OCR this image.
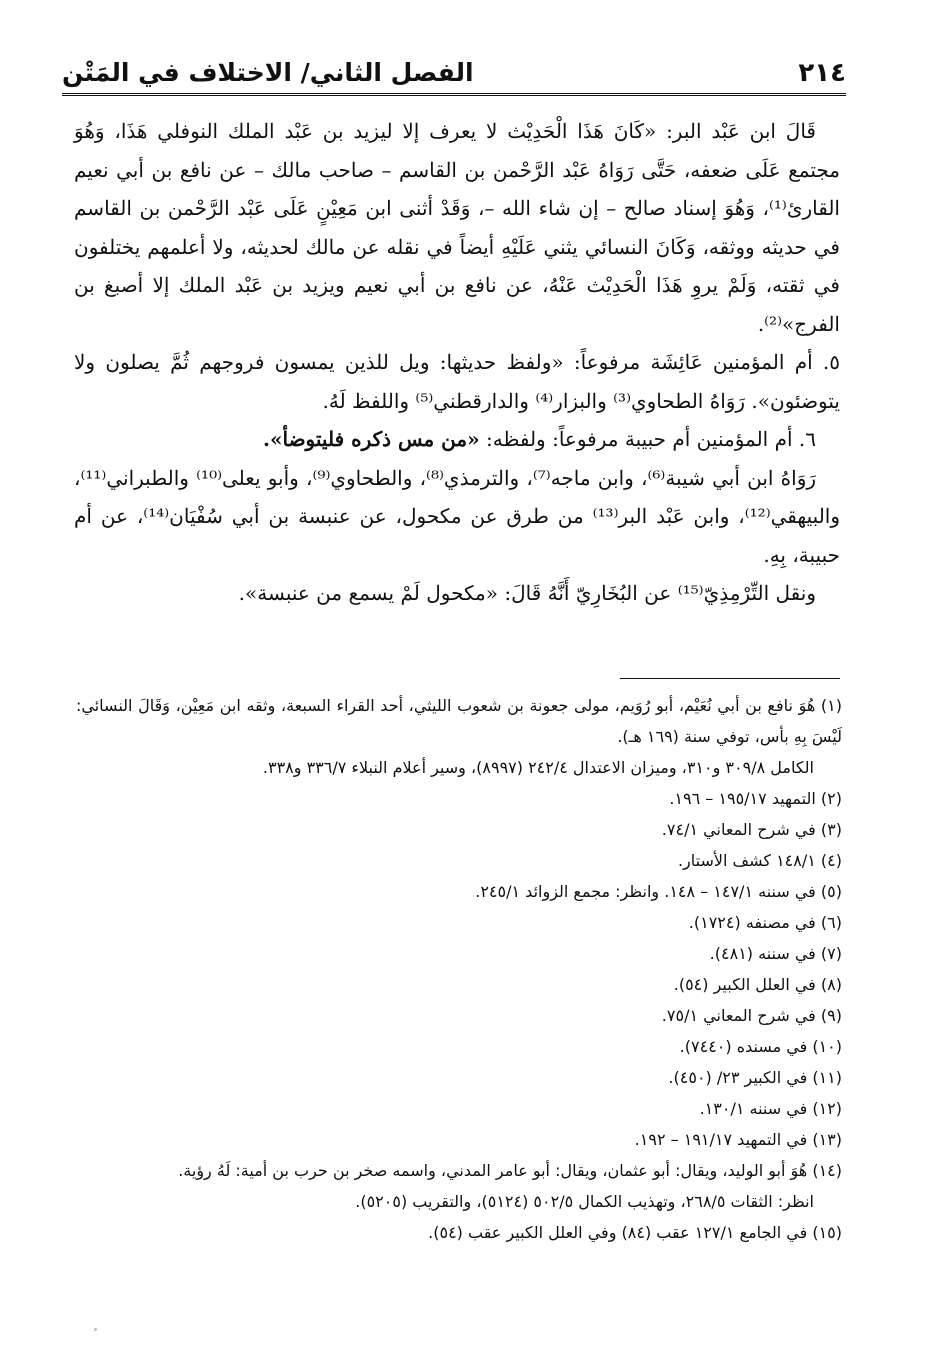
٢١٤
الفصل الثاني/ الاختلاف في المَتْن

قَالَ ابن عَبْد البر: «كَانَ هَذَا الْحَدِيْث لا يعرف إلا ليزيد بن عَبْد الملك النوفلي هَذَا، وَهُوَ مجتمع عَلَى ضعفه، حَتَّى رَوَاهُ عَبْد الرَّحْمن بن القاسم – صاحب مالك – عن نافع بن أبي نعيم القارئ⁽¹⁾، وَهُوَ إسناد صالح – إن شاء الله –، وَقَدْ أثنى ابن مَعِيْنٍ عَلَى عَبْد الرَّحْمن بن القاسم في حديثه ووثقه، وَكَانَ النسائي يثني عَلَيْهِ أيضاً في نقله عن مالك لحديثه، ولا أعلمهم يختلفون في ثقته، وَلَمْ يروِ هَذَا الْحَدِيْث عَنْهُ، عن نافع بن أبي نعيم ويزيد بن عَبْد الملك إلا أصبغ بن الفرج»⁽²⁾.

٥. أم المؤمنين عَائِشَة مرفوعاً: «ولفظ حديثها: ويل للذين يمسون فروجهم ثُمَّ يصلون ولا يتوضئون». رَوَاهُ الطحاوي⁽³⁾ والبزار⁽⁴⁾ والدارقطني⁽⁵⁾ واللفظ لَهُ.

٦. أم المؤمنين أم حبيبة مرفوعاً: ولفظه: «من مس ذكره فليتوضأ».

رَوَاهُ ابن أبي شيبة⁽⁶⁾، وابن ماجه⁽⁷⁾، والترمذي⁽⁸⁾، والطحاوي⁽⁹⁾، وأبو يعلى⁽¹⁰⁾ والطبراني⁽¹¹⁾، والبيهقي⁽¹²⁾، وابن عَبْد البر⁽¹³⁾ من طرق عن مكحول، عن عنبسة بن أبي سُفْيَان⁽¹⁴⁾، عن أم حبيبة، بِهِ.

ونقل التِّرْمِذِيّ⁽¹⁵⁾ عن البُخَارِيّ أَنَّهُ قَالَ: «مكحول لَمْ يسمع من عنبسة».

(١) هُوَ نافع بن أبي نُعَيْم، أبو رُوَيم، مولى جعونة بن شعوب الليثي، أحد القراء السبعة، وثقه ابن مَعِيْن، وَقَالَ النسائي: لَيْسَ بِهِ بأس، توفي سنة (١٦٩ هـ).

الكامل ٣٠٩/٨ و٣١٠، وميزان الاعتدال ٢٤٢/٤ (٨٩٩٧)، وسير أعلام النبلاء ٣٣٦/٧ و٣٣٨.

(٢) التمهيد ١٩٥/١٧ – ١٩٦.

(٣) في شرح المعاني ٧٤/١.

(٤) ١٤٨/١ كشف الأستار.

(٥) في سننه ١٤٧/١ – ١٤٨. وانظر: مجمع الزوائد ٢٤٥/١.

(٦) في مصنفه (١٧٢٤).

(٧) في سننه (٤٨١).

(٨) في العلل الكبير (٥٤).

(٩) في شرح المعاني ٧٥/١.

(١٠) في مسنده (٧٤٤٠).

(١١) في الكبير ٢٣/ (٤٥٠).

(١٢) في سننه ١٣٠/١.

(١٣) في التمهيد ١٩١/١٧ – ١٩٢.

(١٤) هُوَ أبو الوليد، ويقال: أبو عثمان، ويقال: أبو عامر المدني، واسمه صخر بن حرب بن أمية: لَهُ رؤية.

انظر: الثقات ٢٦٨/٥، وتهذيب الكمال ٥٠٢/٥ (٥١٢٤)، والتقريب (٥٢٠٥).

(١٥) في الجامع ١٢٧/١ عقب (٨٤) وفي العلل الكبير عقب (٥٤).
